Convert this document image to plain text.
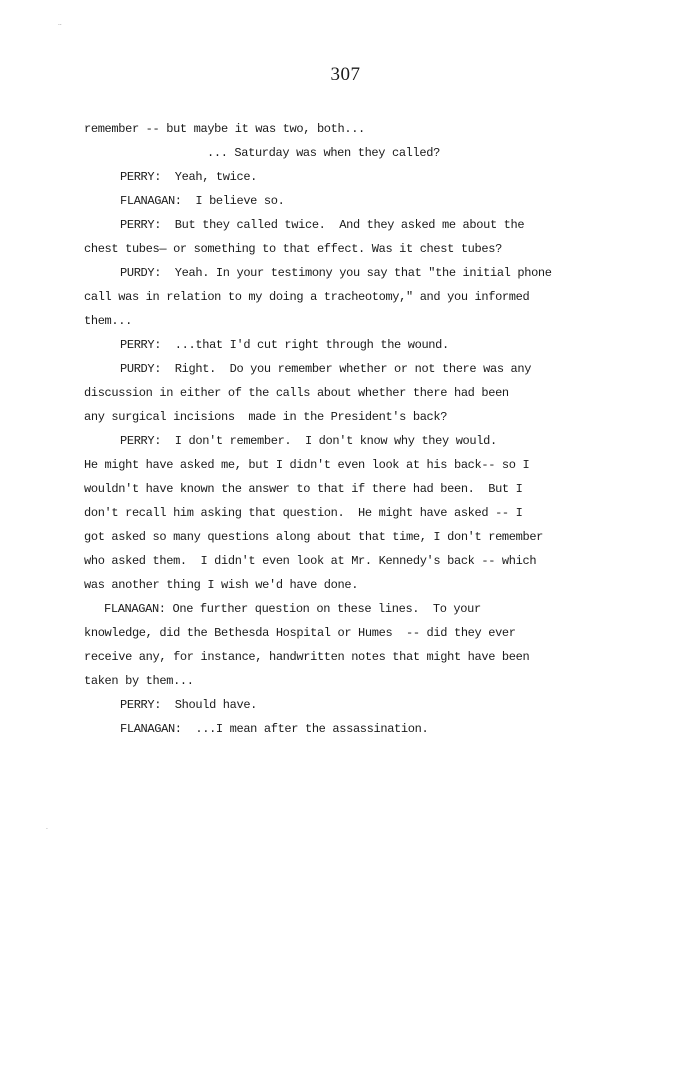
··
·
307
remember -- but maybe it was two, both...
... Saturday was when they called?
PERRY:  Yeah, twice.
FLANAGAN:  I believe so.
PERRY:  But they called twice.  And they asked me about the
chest tubes— or something to that effect. Was it chest tubes?
PURDY:  Yeah. In your testimony you say that "the initial phone
call was in relation to my doing a tracheotomy," and you informed
them...
PERRY:  ...that I'd cut right through the wound.
PURDY:  Right.  Do you remember whether or not there was any
discussion in either of the calls about whether there had been
any surgical incisions  made in the President's back?
PERRY:  I don't remember.  I don't know why they would.
He might have asked me, but I didn't even look at his back-- so I
wouldn't have known the answer to that if there had been.  But I
don't recall him asking that question.  He might have asked -- I
got asked so many questions along about that time, I don't remember
who asked them.  I didn't even look at Mr. Kennedy's back -- which
was another thing I wish we'd have done.
FLANAGAN: One further question on these lines.  To your
knowledge, did the Bethesda Hospital or Humes  -- did they ever
receive any, for instance, handwritten notes that might have been
taken by them...
PERRY:  Should have.
FLANAGAN:  ...I mean after the assassination.
